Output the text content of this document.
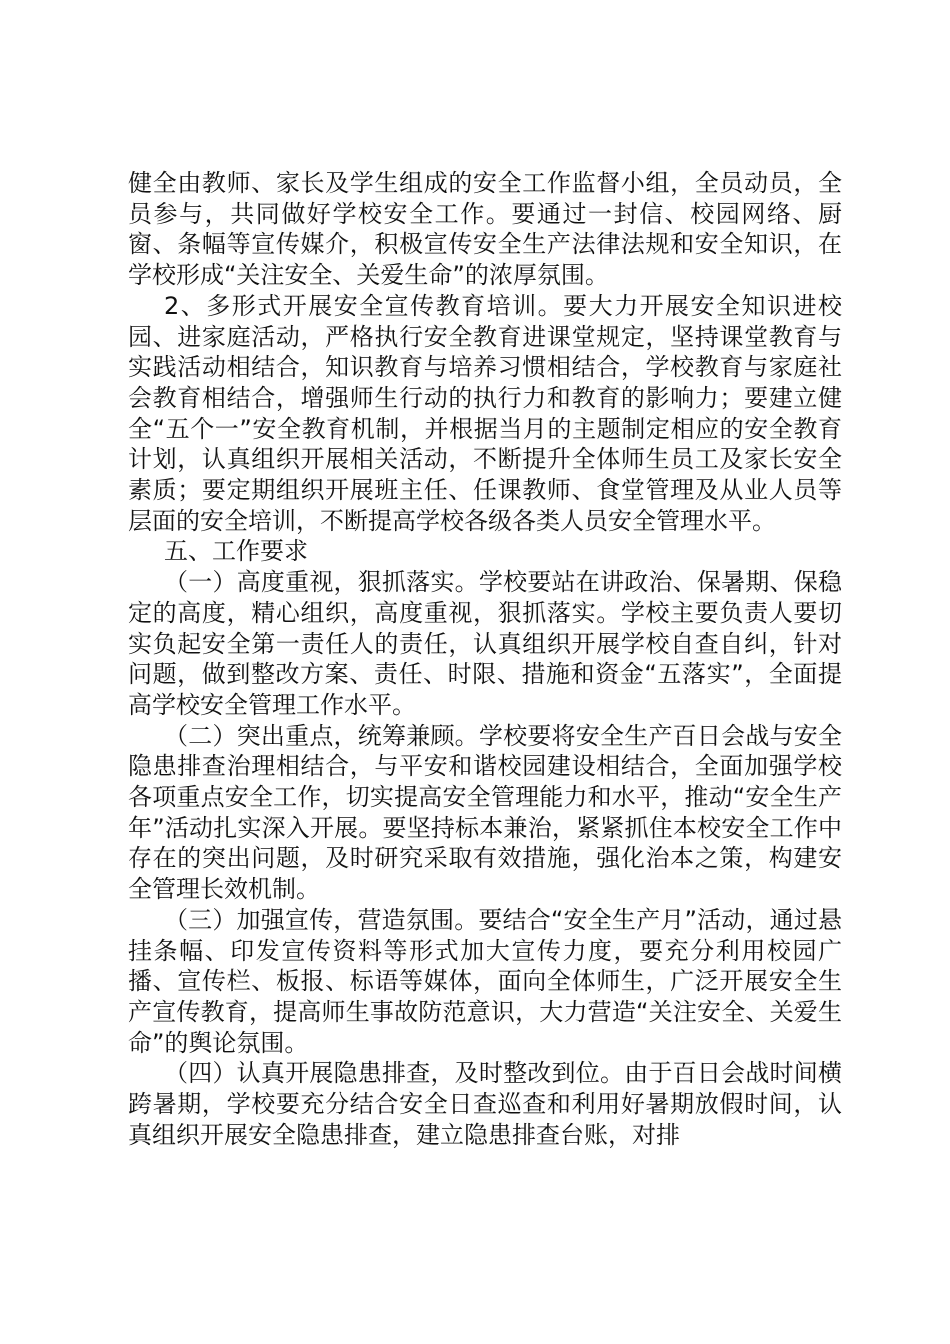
健全由教师、家长及学生组成的安全工作监督小组，全员动员，全员参与，共同做好学校安全工作。要通过一封信、校园网络、厨窗、条幅等宣传媒介，积极宣传安全生产法律法规和安全知识，在学校形成“关注安全、关爱生命”的浓厚氛围。

2、多形式开展安全宣传教育培训。要大力开展安全知识进校园、进家庭活动，严格执行安全教育进课堂规定，坚持课堂教育与实践活动相结合，知识教育与培养习惯相结合，学校教育与家庭社会教育相结合，增强师生行动的执行力和教育的影响力；要建立健全“五个一”安全教育机制，并根据当月的主题制定相应的安全教育计划，认真组织开展相关活动，不断提升全体师生员工及家长安全素质；要定期组织开展班主任、任课教师、食堂管理及从业人员等层面的安全培训，不断提高学校各级各类人员安全管理水平。

五、工作要求

（一）高度重视，狠抓落实。学校要站在讲政治、保暑期、保稳定的高度，精心组织，高度重视，狠抓落实。学校主要负责人要切实负起安全第一责任人的责任，认真组织开展学校自查自纠，针对问题，做到整改方案、责任、时限、措施和资金“五落实”，全面提高学校安全管理工作水平。

（二）突出重点，统筹兼顾。学校要将安全生产百日会战与安全隐患排查治理相结合，与平安和谐校园建设相结合，全面加强学校各项重点安全工作，切实提高安全管理能力和水平，推动“安全生产年”活动扎实深入开展。要坚持标本兼治，紧紧抓住本校安全工作中存在的突出问题，及时研究采取有效措施，强化治本之策，构建安全管理长效机制。

（三）加强宣传，营造氛围。要结合“安全生产月”活动，通过悬挂条幅、印发宣传资料等形式加大宣传力度，要充分利用校园广播、宣传栏、板报、标语等媒体，面向全体师生，广泛开展安全生产宣传教育，提高师生事故防范意识，大力营造“关注安全、关爱生命”的舆论氛围。

（四）认真开展隐患排查，及时整改到位。由于百日会战时间横跨暑期，学校要充分结合安全日查巡查和利用好暑期放假时间，认真组织开展安全隐患排查，建立隐患排查台账，对排
